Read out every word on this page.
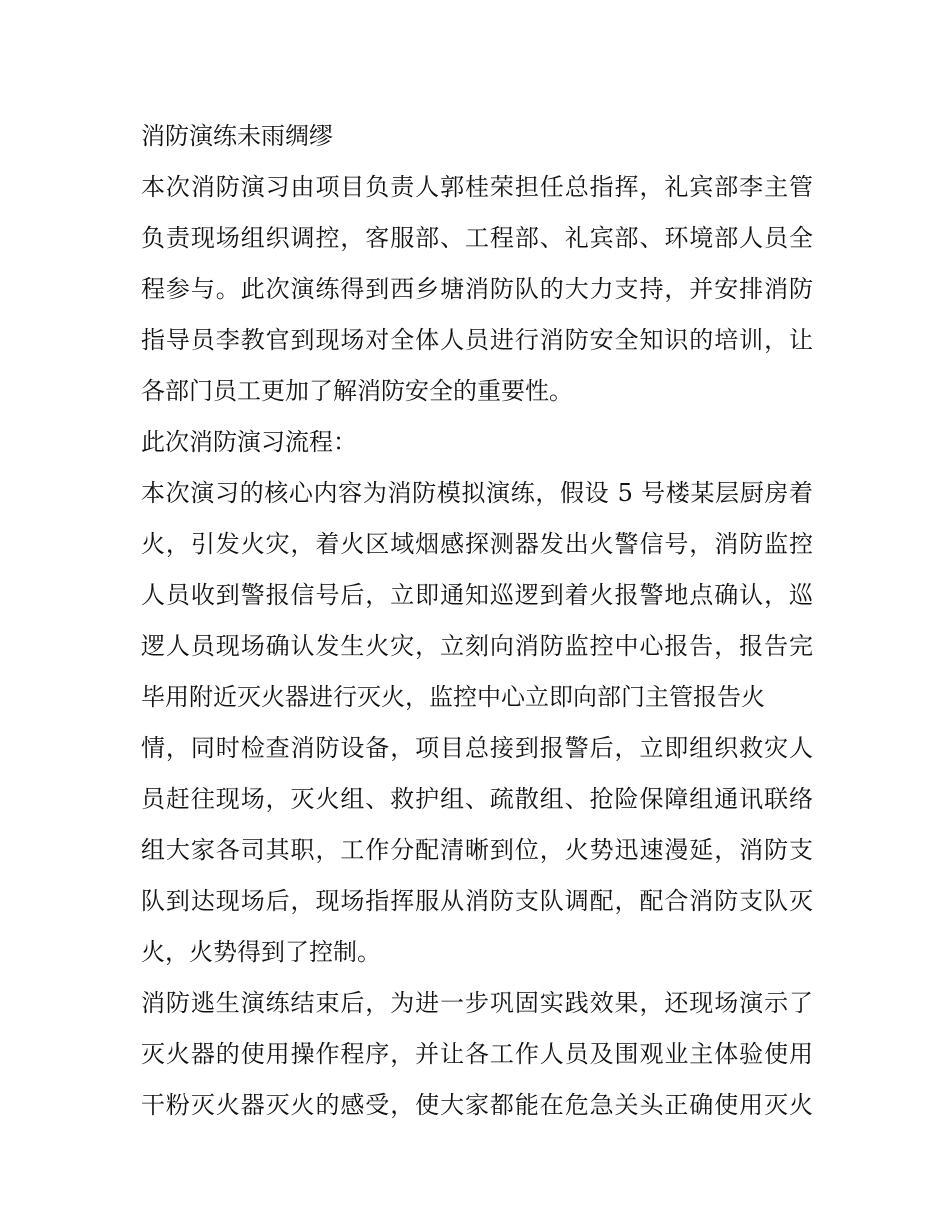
消防演练未雨绸缪
本次消防演习由项目负责人郭桂荣担任总指挥，礼宾部李主管
负责现场组织调控，客服部、工程部、礼宾部、环境部人员全
程参与。此次演练得到西乡塘消防队的大力支持，并安排消防
指导员李教官到现场对全体人员进行消防安全知识的培训，让
各部门员工更加了解消防安全的重要性。
此次消防演习流程：
本次演习的核心内容为消防模拟演练，假设 5 号楼某层厨房着
火，引发火灾，着火区域烟感探测器发出火警信号，消防监控
人员收到警报信号后，立即通知巡逻到着火报警地点确认，巡
逻人员现场确认发生火灾，立刻向消防监控中心报告，报告完
毕用附近灭火器进行灭火，监控中心立即向部门主管报告火
情，同时检查消防设备，项目总接到报警后，立即组织救灾人
员赶往现场，灭火组、救护组、疏散组、抢险保障组通讯联络
组大家各司其职，工作分配清晰到位，火势迅速漫延，消防支
队到达现场后，现场指挥服从消防支队调配，配合消防支队灭
火，火势得到了控制。
消防逃生演练结束后，为进一步巩固实践效果，还现场演示了
灭火器的使用操作程序，并让各工作人员及围观业主体验使用
干粉灭火器灭火的感受，使大家都能在危急关头正确使用灭火
